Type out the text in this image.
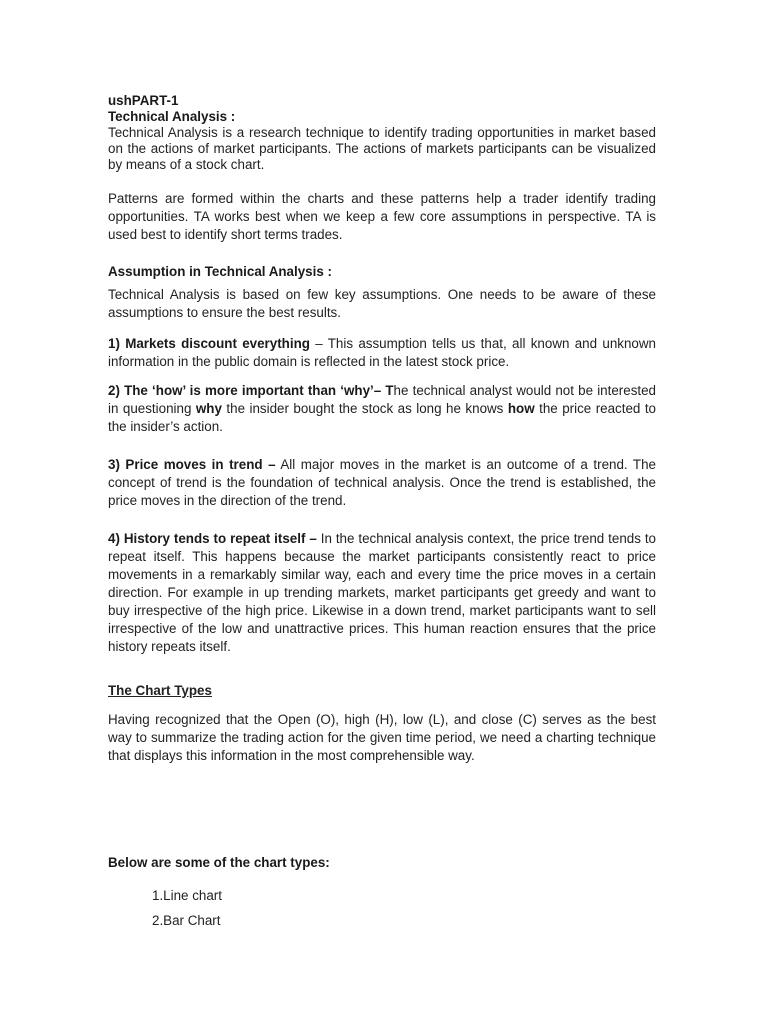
ushPART-1
Technical Analysis :
Technical Analysis is a research technique to identify trading opportunities in market based on the actions of market participants. The actions of markets participants can be visualized by means of a stock chart.
Patterns are formed within the charts and these patterns help a trader identify trading opportunities. TA works best when we keep a few core assumptions in perspective. TA is used best to identify short terms trades.
Assumption in Technical Analysis :
Technical Analysis is based on few key assumptions. One needs to be aware of these assumptions to ensure the best results.
1) Markets discount everything – This assumption tells us that, all known and unknown information in the public domain is reflected in the latest stock price.
2) The ‘how’ is more important than ‘why’– The technical analyst would not be interested in questioning why the insider bought the stock as long he knows how the price reacted to the insider’s action.
3) Price moves in trend – All major moves in the market is an outcome of a trend. The concept of trend is the foundation of technical analysis. Once the trend is established, the price moves in the direction of the trend.
4) History tends to repeat itself – In the technical analysis context, the price trend tends to repeat itself. This happens because the market participants consistently react to price movements in a remarkably similar way, each and every time the price moves in a certain direction. For example in up trending markets, market participants get greedy and want to buy irrespective of the high price. Likewise in a down trend, market participants want to sell irrespective of the low and unattractive prices. This human reaction ensures that the price history repeats itself.
The Chart Types
Having recognized that the Open (O), high (H), low (L), and close (C) serves as the best way to summarize the trading action for the given time period, we need a charting technique that displays this information in the most comprehensible way.
Below are some of the chart types:
1.Line chart
2.Bar Chart
